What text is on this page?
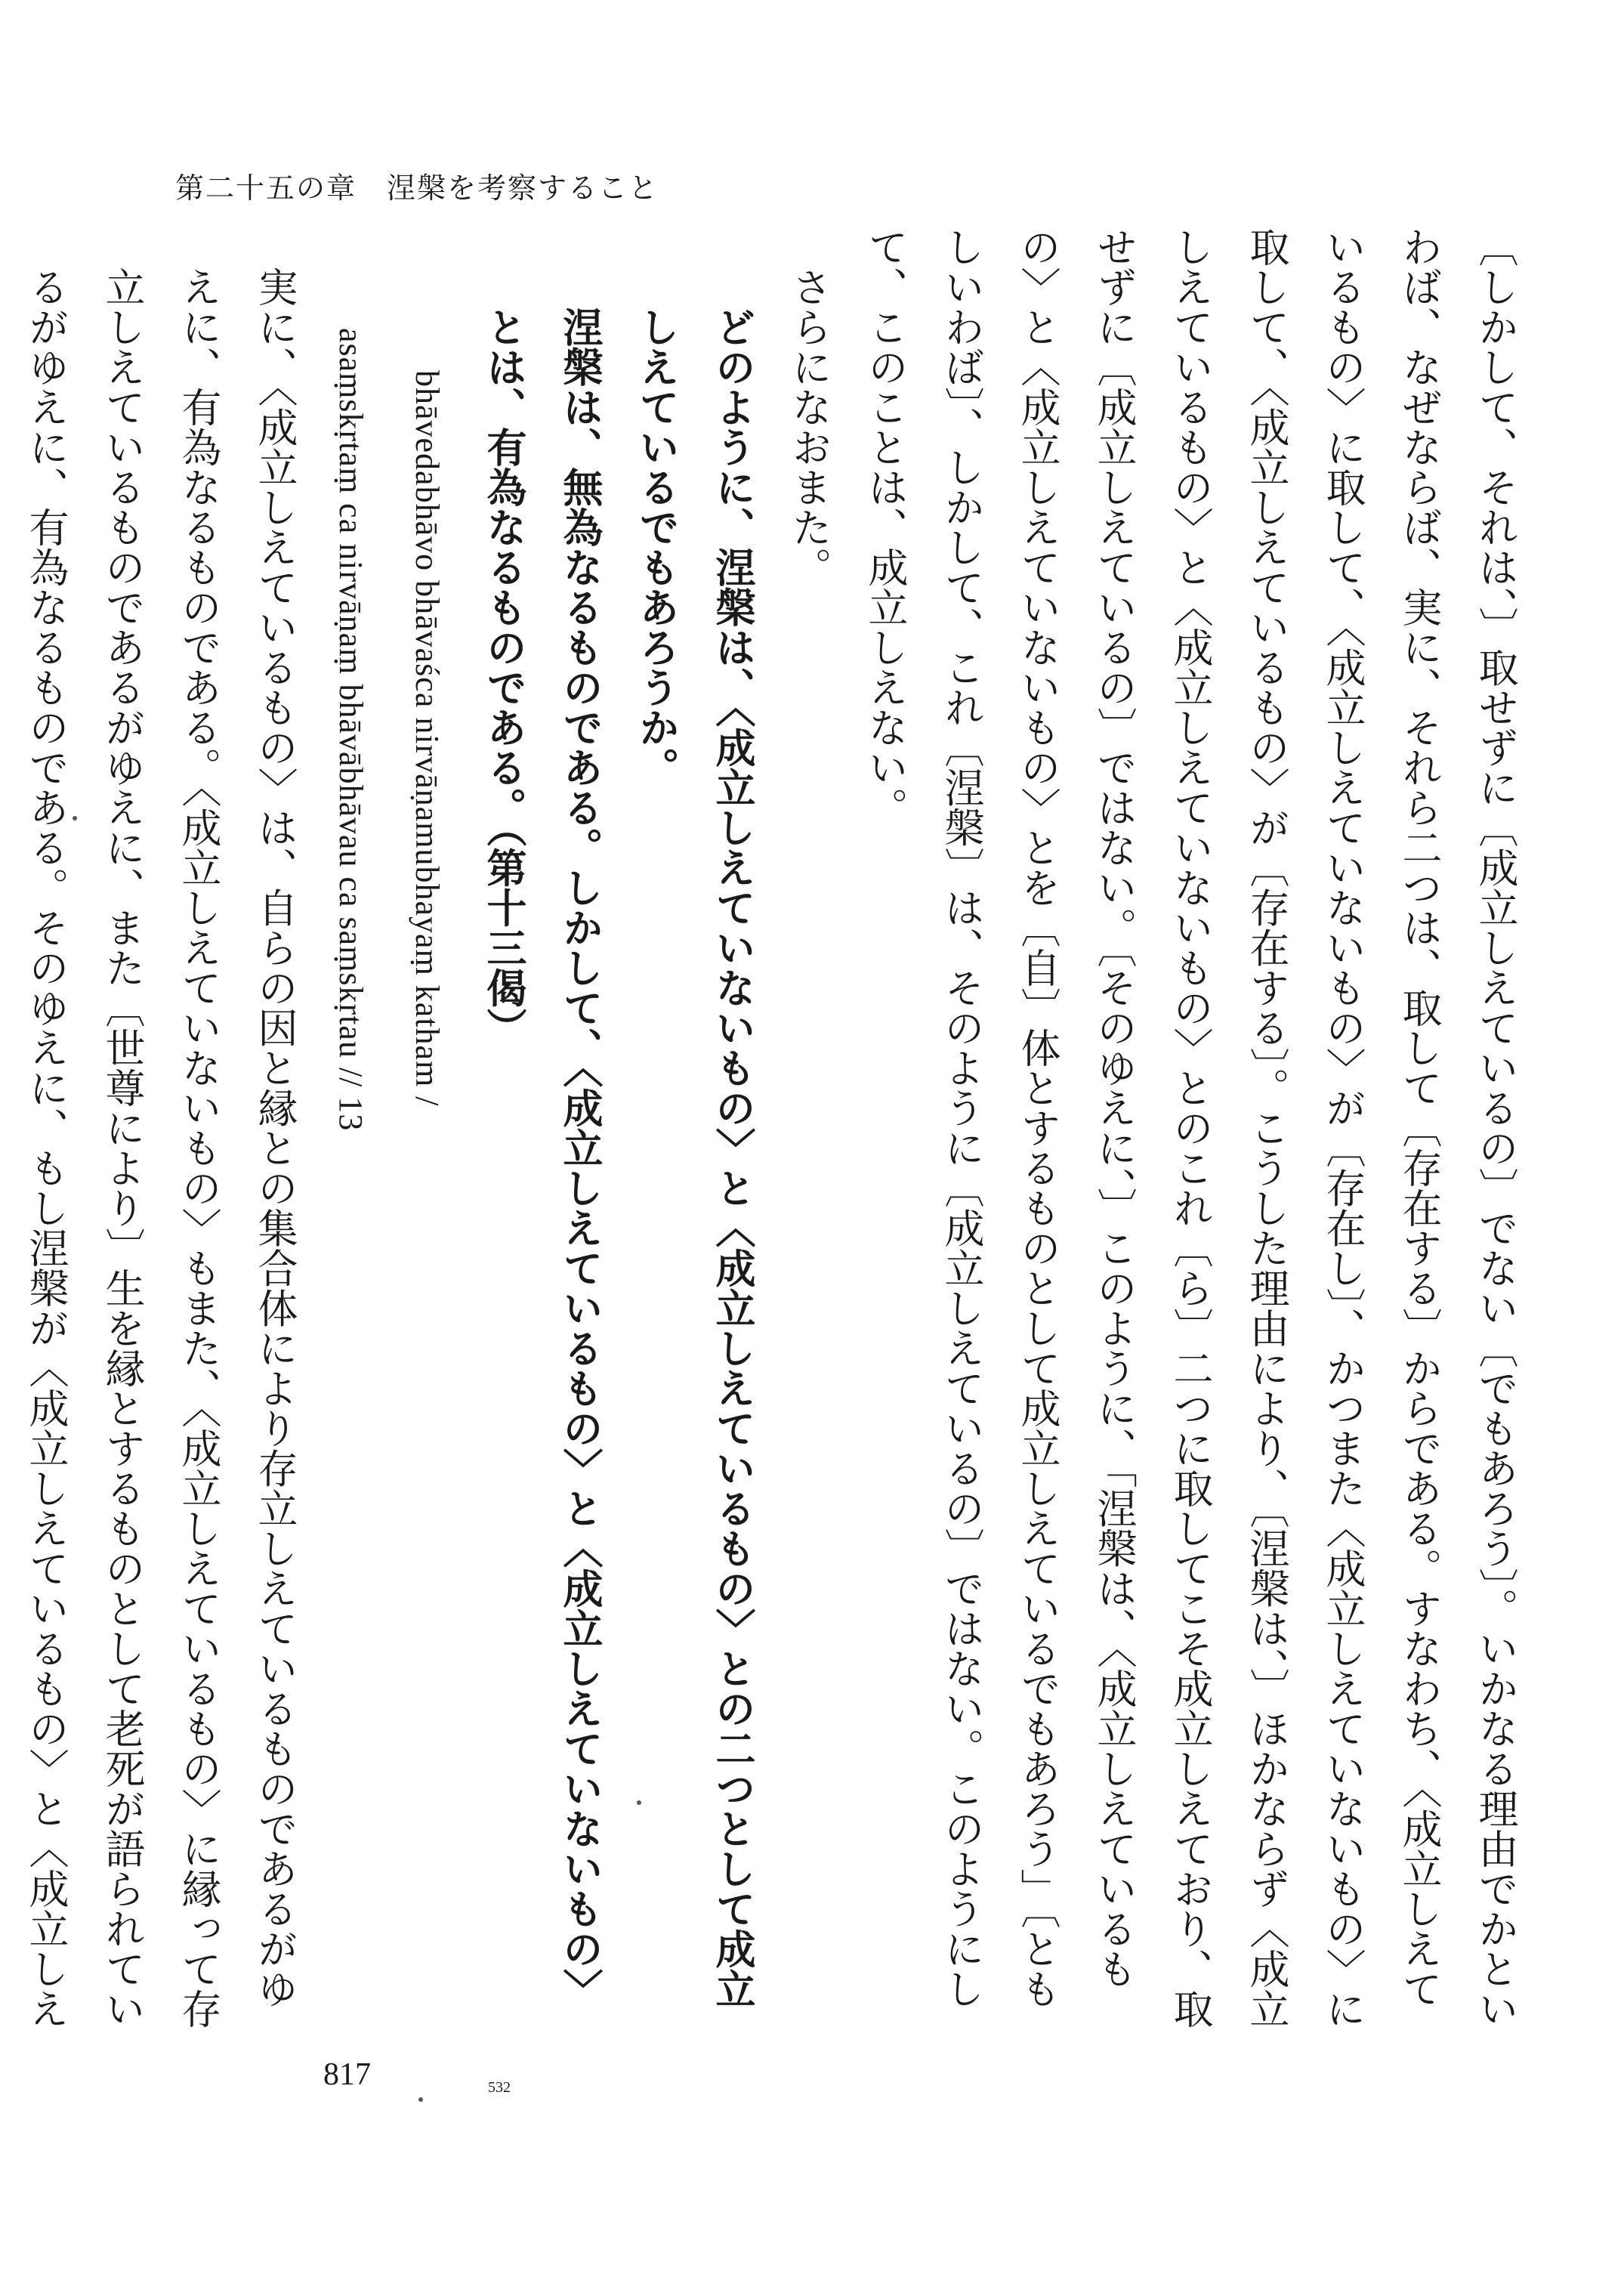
第二十五の章　涅槃を考察すること

〔しかして、それは、〕取せずに〔成立しえているの〕でない〔でもあろう〕。いかなる理由でかといわば、なぜならば、実に、それら二つは、取して〔存在する〕からである。すなわち、〈成立しえているもの〉に取して、〈成立しえていないもの〉が〔存在し〕、かつまた〈成立しえていないもの〉に取して、〈成立しえているもの〉が〔存在する〕。こうした理由により、〔涅槃は、〕ほかならず〈成立しえているもの〉と〈成立しえていないもの〉とのこれ〔ら〕二つに取してこそ成立しえており、取せずに〔成立しえているの〕ではない。〔そのゆえに、〕このように、「涅槃は、〈成立しえているもの〉と〈成立しえていないもの〉とを〔自〕体とするものとして成立しえているでもあろう」〔ともしいわば〕、しかして、これ〔涅槃〕は、そのように〔成立しえているの〕ではない。このようにして、このことは、成立しえない。

さらになおまた。

どのように、涅槃は、〈成立しえていないもの〉と〈成立しえているもの〉との二つとして成立しえているでもあろうか。

涅槃は、無為なるものである。しかして、〈成立しえているもの〉と〈成立しえていないもの〉とは、有為なるものである。（第十三偈）

bhāvedabhāvo bhāvaśca nirvāṇamubhayaṃ katham /

asaṃskṛtaṃ ca nirvāṇaṃ bhāvābhāvau ca saṃskṛtau // 13

実に、〈成立しえているもの〉は、自らの因と縁との集合体により存立しえているものであるがゆえに、有為なるものである。〈成立しえていないもの〉もまた、〈成立しえているもの〉に縁って存立しえているものであるがゆえに、また〔世尊により〕生を縁とするものとして老死が語られているがゆえに、有為なるものである。そのゆえに、もし涅槃が〈成立しえているもの〉と〈成立しえ

817	532
